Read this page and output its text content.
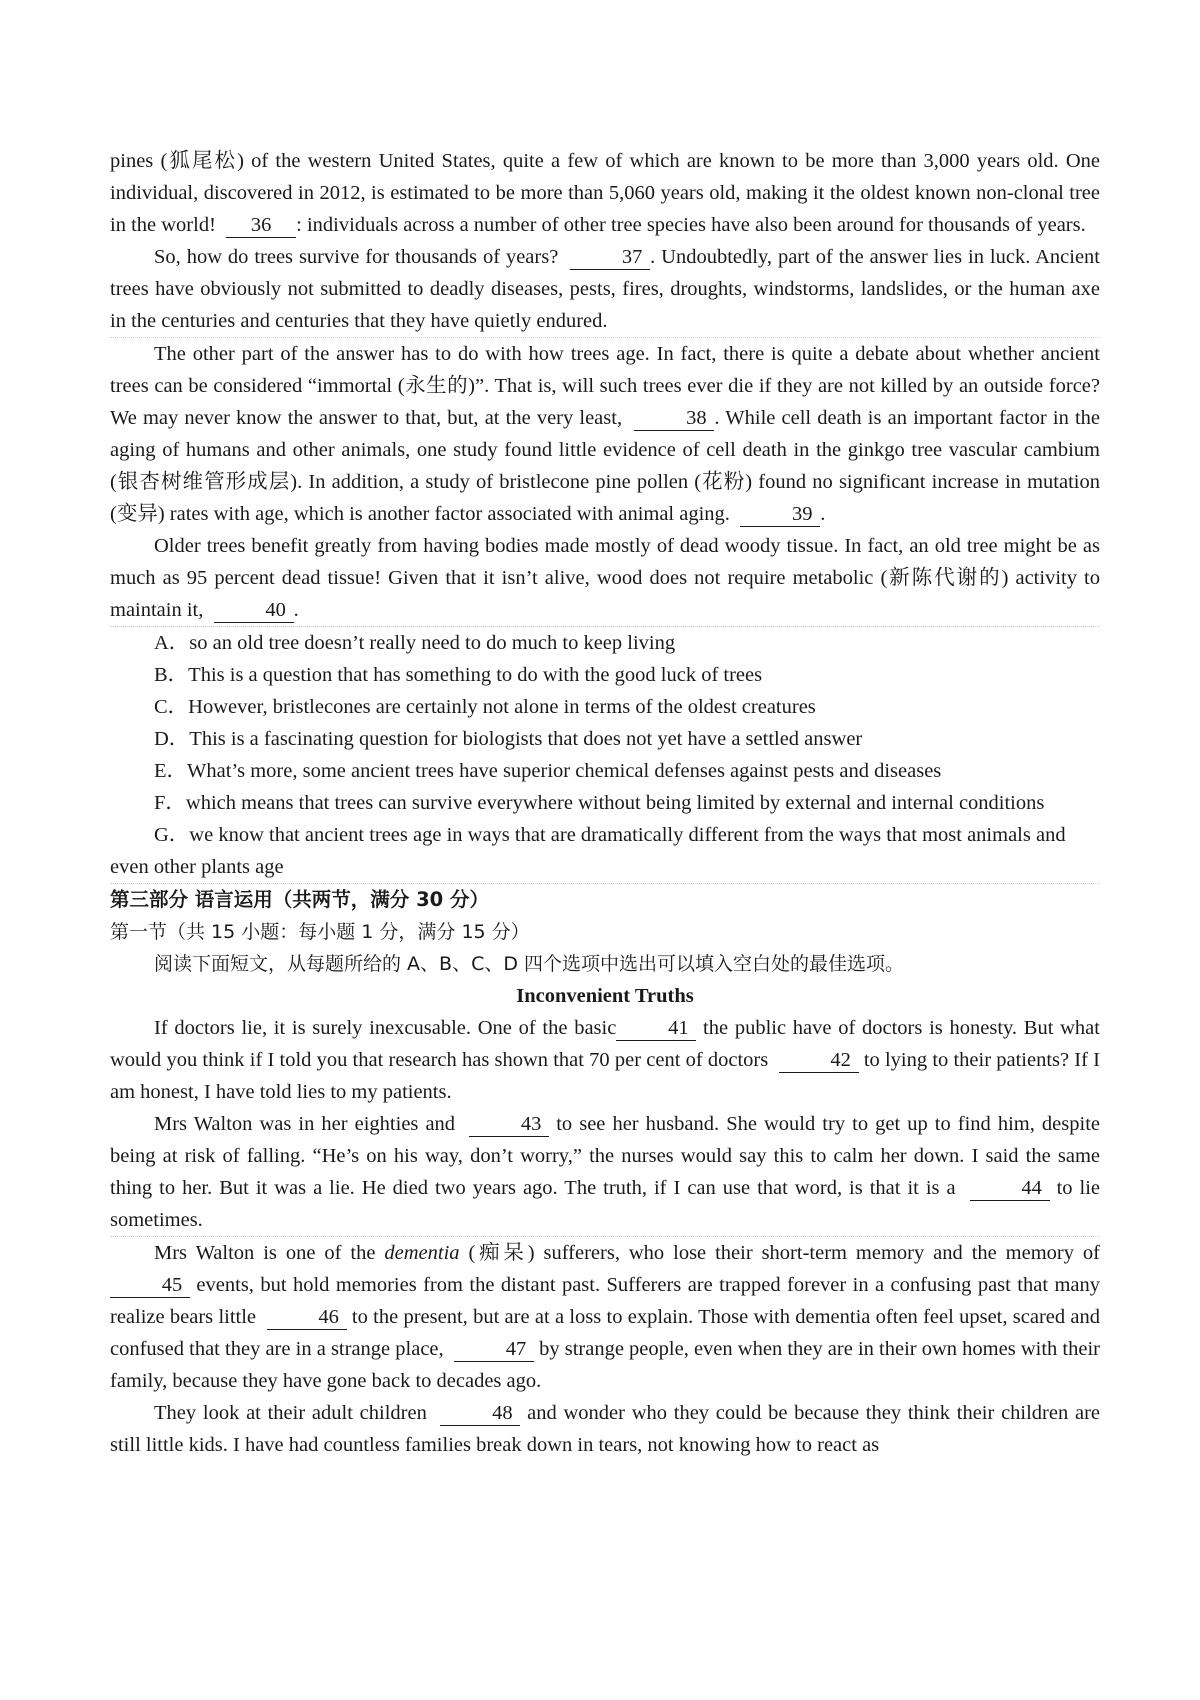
pines (狐尾松) of the western United States, quite a few of which are known to be more than 3,000 years old. One individual, discovered in 2012, is estimated to be more than 5,060 years old, making it the oldest known non-clonal tree in the world! 36 : individuals across a number of other tree species have also been around for thousands of years.

So, how do trees survive for thousands of years?	37 . Undoubtedly, part of the answer lies in luck. Ancient trees have obviously not submitted to deadly diseases, pests, fires, droughts, windstorms, landslides, or the human axe in the centuries and centuries that they have quietly endured.

The other part of the answer has to do with how trees age. In fact, there is quite a debate about whether ancient trees can be considered “immortal (永生的)”. That is, will such trees ever die if they are not killed by an outside force? We may never know the answer to that, but, at the very least,	38 . While cell death is an important factor in the aging of humans and other animals, one study found little evidence of cell death in the ginkgo tree vascular cambium (银杏树维管形成层). In addition, a study of bristlecone pine pollen (花粉) found no significant increase in mutation (变异) rates with age, which is another factor associated with animal aging.	39 .

Older trees benefit greatly from having bodies made mostly of dead woody tissue. In fact, an old tree might be as much as 95 percent dead tissue! Given that it isn’t alive, wood does not require metabolic (新陈代谢的) activity to maintain it,	40 .

A．so an old tree doesn’t really need to do much to keep living

B．This is a question that has something to do with the good luck of trees

C．However, bristlecones are certainly not alone in terms of the oldest creatures

D．This is a fascinating question for biologists that does not yet have a settled answer

E．What’s more, some ancient trees have superior chemical defenses against pests and diseases

F．which means that trees can survive everywhere without being limited by external and internal conditions

G．we know that ancient trees age in ways that are dramatically different from the ways that most animals and even other plants age

第三部分 语言运用（共两节，满分 30 分）

第一节（共 15 小题：每小题 1 分，满分 15 分）

阅读下面短文，从每题所给的 A、B、C、D 四个选项中选出可以填入空白处的最佳选项。

Inconvenient Truths

If doctors lie, it is surely inexcusable. One of the basic	41 the public have of doctors is honesty. But what would you think if I told you that research has shown that 70 per cent of doctors	42 to lying to their patients? If I am honest, I have told lies to my patients.

Mrs Walton was in her eighties and	43 to see her husband. She would try to get up to find him, despite being at risk of falling. “He’s on his way, don’t worry,” the nurses would say this to calm her down. I said the same thing to her. But it was a lie. He died two years ago. The truth, if I can use that word, is that it is a	44 to lie sometimes.

Mrs Walton is one of the dementia (痴呆) sufferers, who lose their short-term memory and the memory of45 events, but hold memories from the distant past. Sufferers are trapped forever in a confusing past that many realize bears little	46 to the present, but are at a loss to explain. Those with dementia often feel upset, scared and confused that they are in a strange place,	47 by strange people, even when they are in their own homes with their family, because they have gone back to decades ago.

They look at their adult children	48 and wonder who they could be because they think their children are still little kids. I have had countless families break down in tears, not knowing how to react as
